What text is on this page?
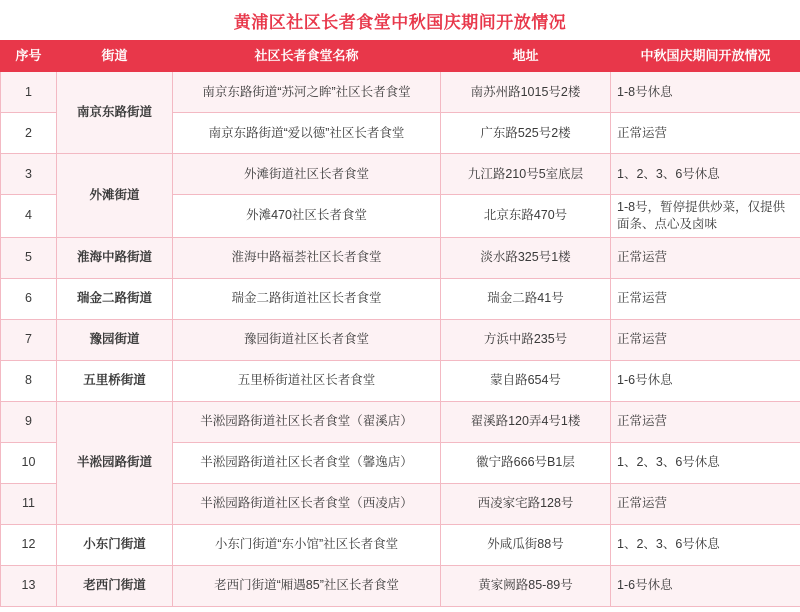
黄浦区社区长者食堂中秋国庆期间开放情况
序号	街道	社区长者食堂名称	地址	中秋国庆期间开放情况
1	南京东路街道	南京东路街道“苏河之眸”社区长者食堂	南苏州路1015号2楼	1-8号休息
2		南京东路街道“爱以德”社区长者食堂	广东路525号2楼	正常运营
3	外滩街道	外滩街道社区长者食堂	九江路210号5室底层	1、2、3、6号休息
4		外滩470社区长者食堂	北京东路470号	1-8号，暂停提供炒菜，仅提供面条、点心及卤味
5	淮海中路街道	淮海中路福荟社区长者食堂	淡水路325号1楼	正常运营
6	瑞金二路街道	瑞金二路街道社区长者食堂	瑞金二路41号	正常运营
7	豫园街道	豫园街道社区长者食堂	方浜中路235号	正常运营
8	五里桥街道	五里桥街道社区长者食堂	蒙自路654号	1-6号休息
9	半淞园路街道	半淞园路街道社区长者食堂（翟溪店）	翟溪路120弄4号1楼	正常运营
10		半淞园路街道社区长者食堂（馨逸店）	徽宁路666号B1层	1、2、3、6号休息
11		半淞园路街道社区长者食堂（西凌店）	西凌家宅路128号	正常运营
12	小东门街道	小东门街道“东小馆”社区长者食堂	外咸瓜街88号	1、2、3、6号休息
13	老西门街道	老西门街道“厢遇85”社区长者食堂	黄家阙路85-89号	1-6号休息
